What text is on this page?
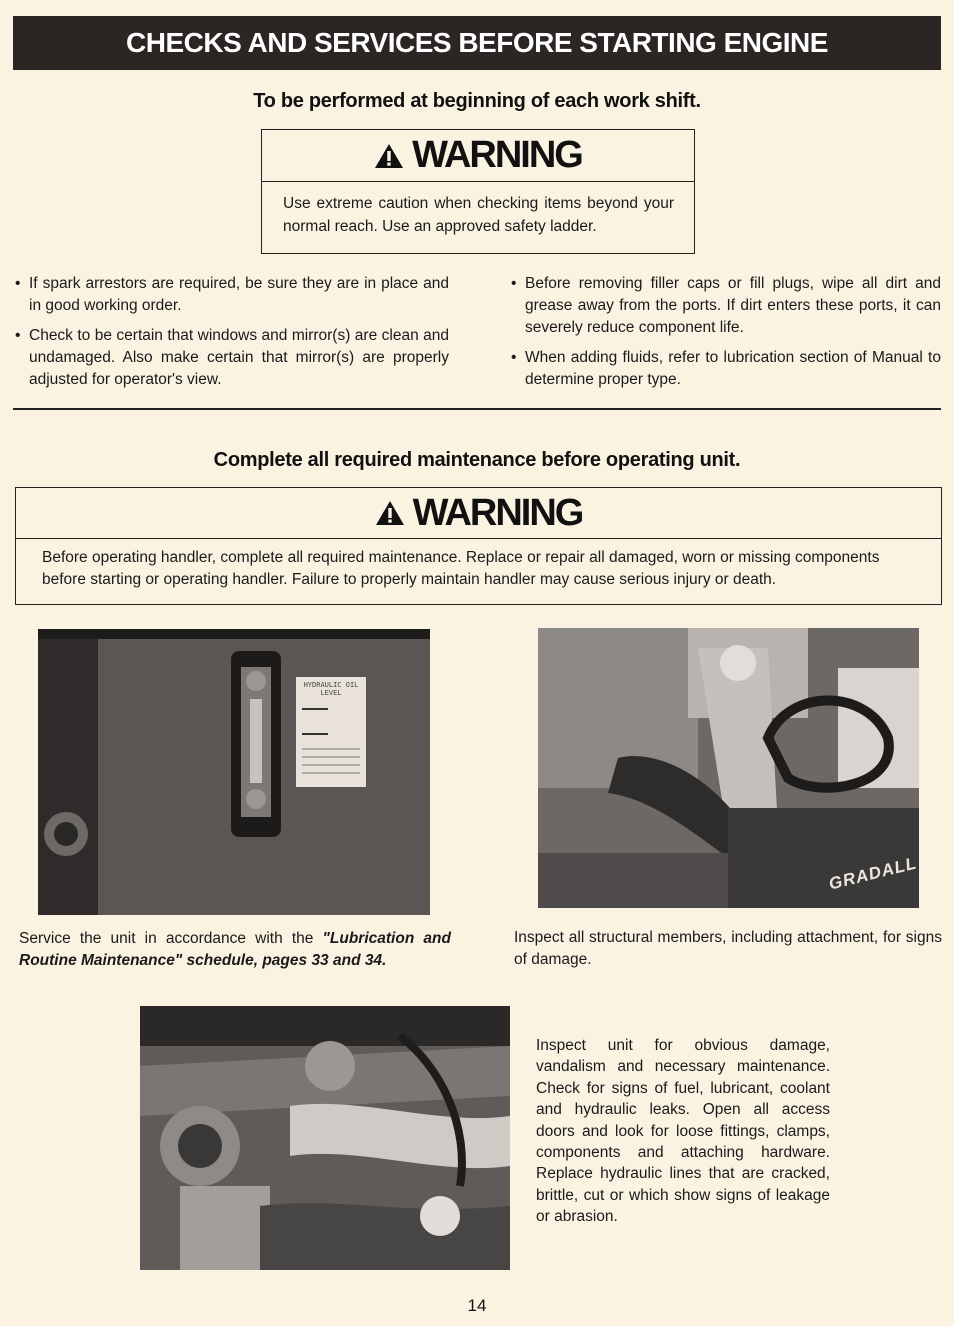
CHECKS AND SERVICES BEFORE STARTING ENGINE
To be performed at beginning of each work shift.
WARNING
Use extreme caution when checking items beyond your normal reach. Use an approved safety ladder.
• If spark arrestors are required, be sure they are in place and in good working order.
• Check to be certain that windows and mirror(s) are clean and undamaged. Also make certain that mirror(s) are properly adjusted for operator's view.
• Before removing filler caps or fill plugs, wipe all dirt and grease away from the ports. If dirt enters these ports, it can severely reduce component life.
• When adding fluids, refer to lubrication section of Manual to determine proper type.
Complete all required maintenance before operating unit.
WARNING
Before operating handler, complete all required maintenance. Replace or repair all damaged, worn or missing components before starting or operating handler. Failure to properly maintain handler may cause serious injury or death.
HYDRAULIC OIL LEVEL
GRADALL
Service the unit in accordance with the "Lubrication and Routine Maintenance" schedule, pages 33 and 34.
Inspect all structural members, including attachment, for signs of damage.
Inspect unit for obvious damage, vandalism and necessary maintenance. Check for signs of fuel, lubricant, coolant and hydraulic leaks. Open all access doors and look for loose fittings, clamps, components and attaching hardware. Replace hydraulic lines that are cracked, brittle, cut or which show signs of leakage or abrasion.
14
